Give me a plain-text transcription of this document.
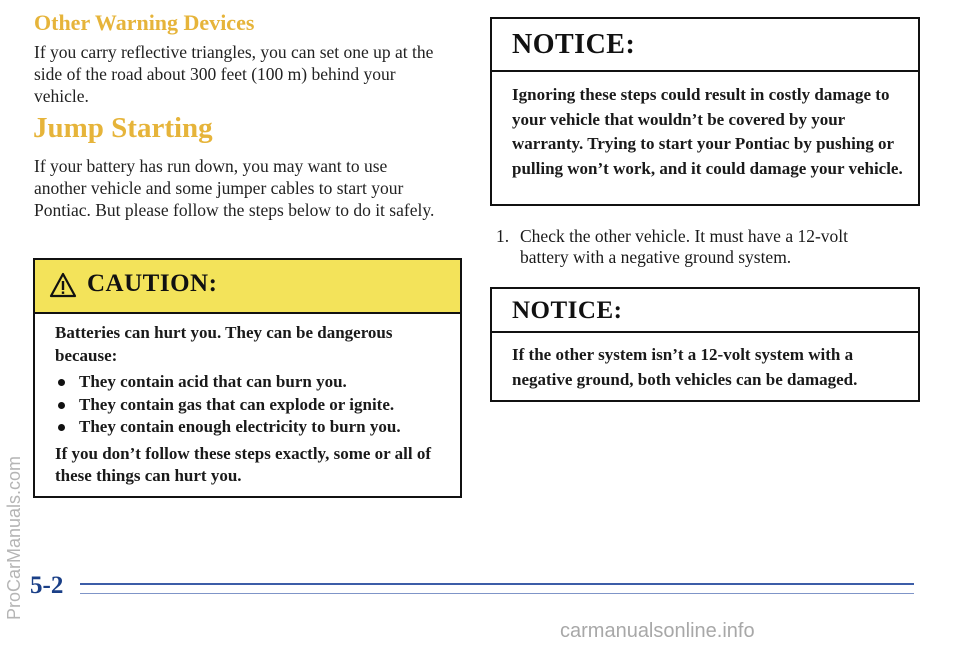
Other Warning Devices
If you carry reflective triangles, you can set one up at the side of the road about 300 feet (100 m) behind your vehicle.
Jump Starting
If your battery has run down, you may want to use another vehicle and some jumper cables to start your Pontiac. But please follow the steps below to do it safely.
CAUTION:

Batteries can hurt you. They can be dangerous because:

They contain acid that can burn you.
They contain gas that can explode or ignite.
They contain enough electricity to burn you.

If you don’t follow these steps exactly, some or all of these things can hurt you.

NOTICE:
Ignoring these steps could result in costly damage to your vehicle that wouldn’t be covered by your warranty. Trying to start your Pontiac by pushing or pulling won’t work, and it could damage your vehicle.
1. Check the other vehicle. It must have a 12-volt battery with a negative ground system.
NOTICE:
If the other system isn’t a 12-volt system with a negative ground, both vehicles can be damaged.
ProCarManuals.com 5-2
carmanualsonline.info
